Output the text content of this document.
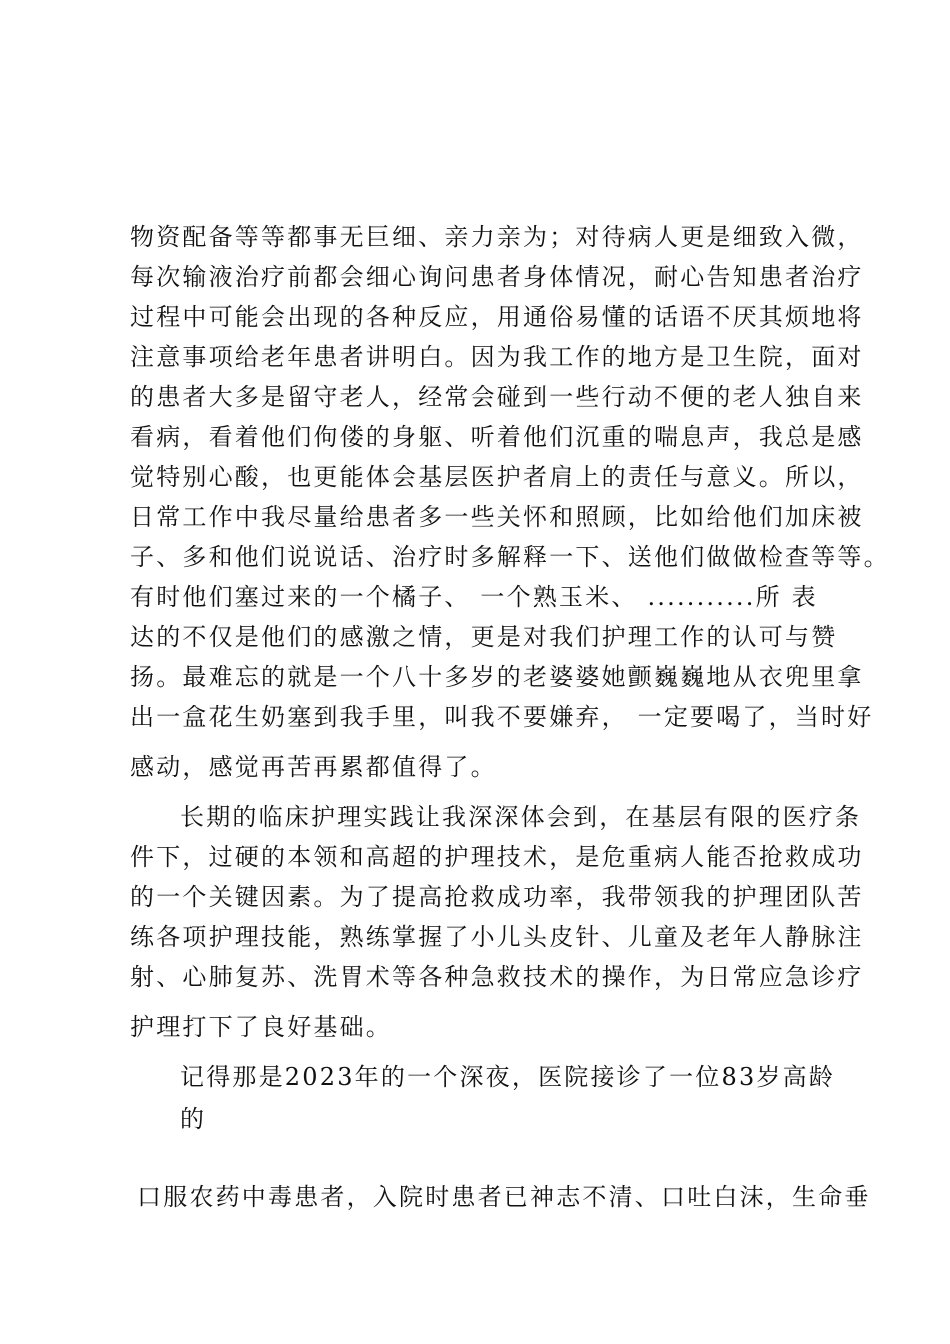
物资配备等等都事无巨细、亲力亲为；对待病人更是细致入微，
每次输液治疗前都会细心询问患者身体情况，耐心告知患者治疗
过程中可能会出现的各种反应，用通俗易懂的话语不厌其烦地将
注意事项给老年患者讲明白。因为我工作的地方是卫生院，面对
的患者大多是留守老人，经常会碰到一些行动不便的老人独自来
看病，看着他们佝偻的身躯、听着他们沉重的喘息声，我总是感
觉特别心酸，也更能体会基层医护者肩上的责任与意义。所以，
日常工作中我尽量给患者多一些关怀和照顾，比如给他们加床被
子、多和他们说说话、治疗时多解释一下、送他们做做检查等等。
有时他们塞过来的一个橘子、 一个熟玉米、 ...........所 表
达的不仅是他们的感激之情，更是对我们护理工作的认可与赞
扬。最难忘的就是一个八十多岁的老婆婆她颤巍巍地从衣兜里拿
出一盒花生奶塞到我手里，叫我不要嫌弃， 一定要喝了，当时好
感动，感觉再苦再累都值得了。
长期的临床护理实践让我深深体会到，在基层有限的医疗条
件下，过硬的本领和高超的护理技术，是危重病人能否抢救成功
的一个关键因素。为了提高抢救成功率，我带领我的护理团队苦
练各项护理技能，熟练掌握了小儿头皮针、儿童及老年人静脉注
射、心肺复苏、洗胃术等各种急救技术的操作，为日常应急诊疗
护理打下了良好基础。
记得那是2023年的一个深夜，医院接诊了一位83岁高龄
的
口服农药中毒患者，入院时患者已神志不清、口吐白沫，生命垂
